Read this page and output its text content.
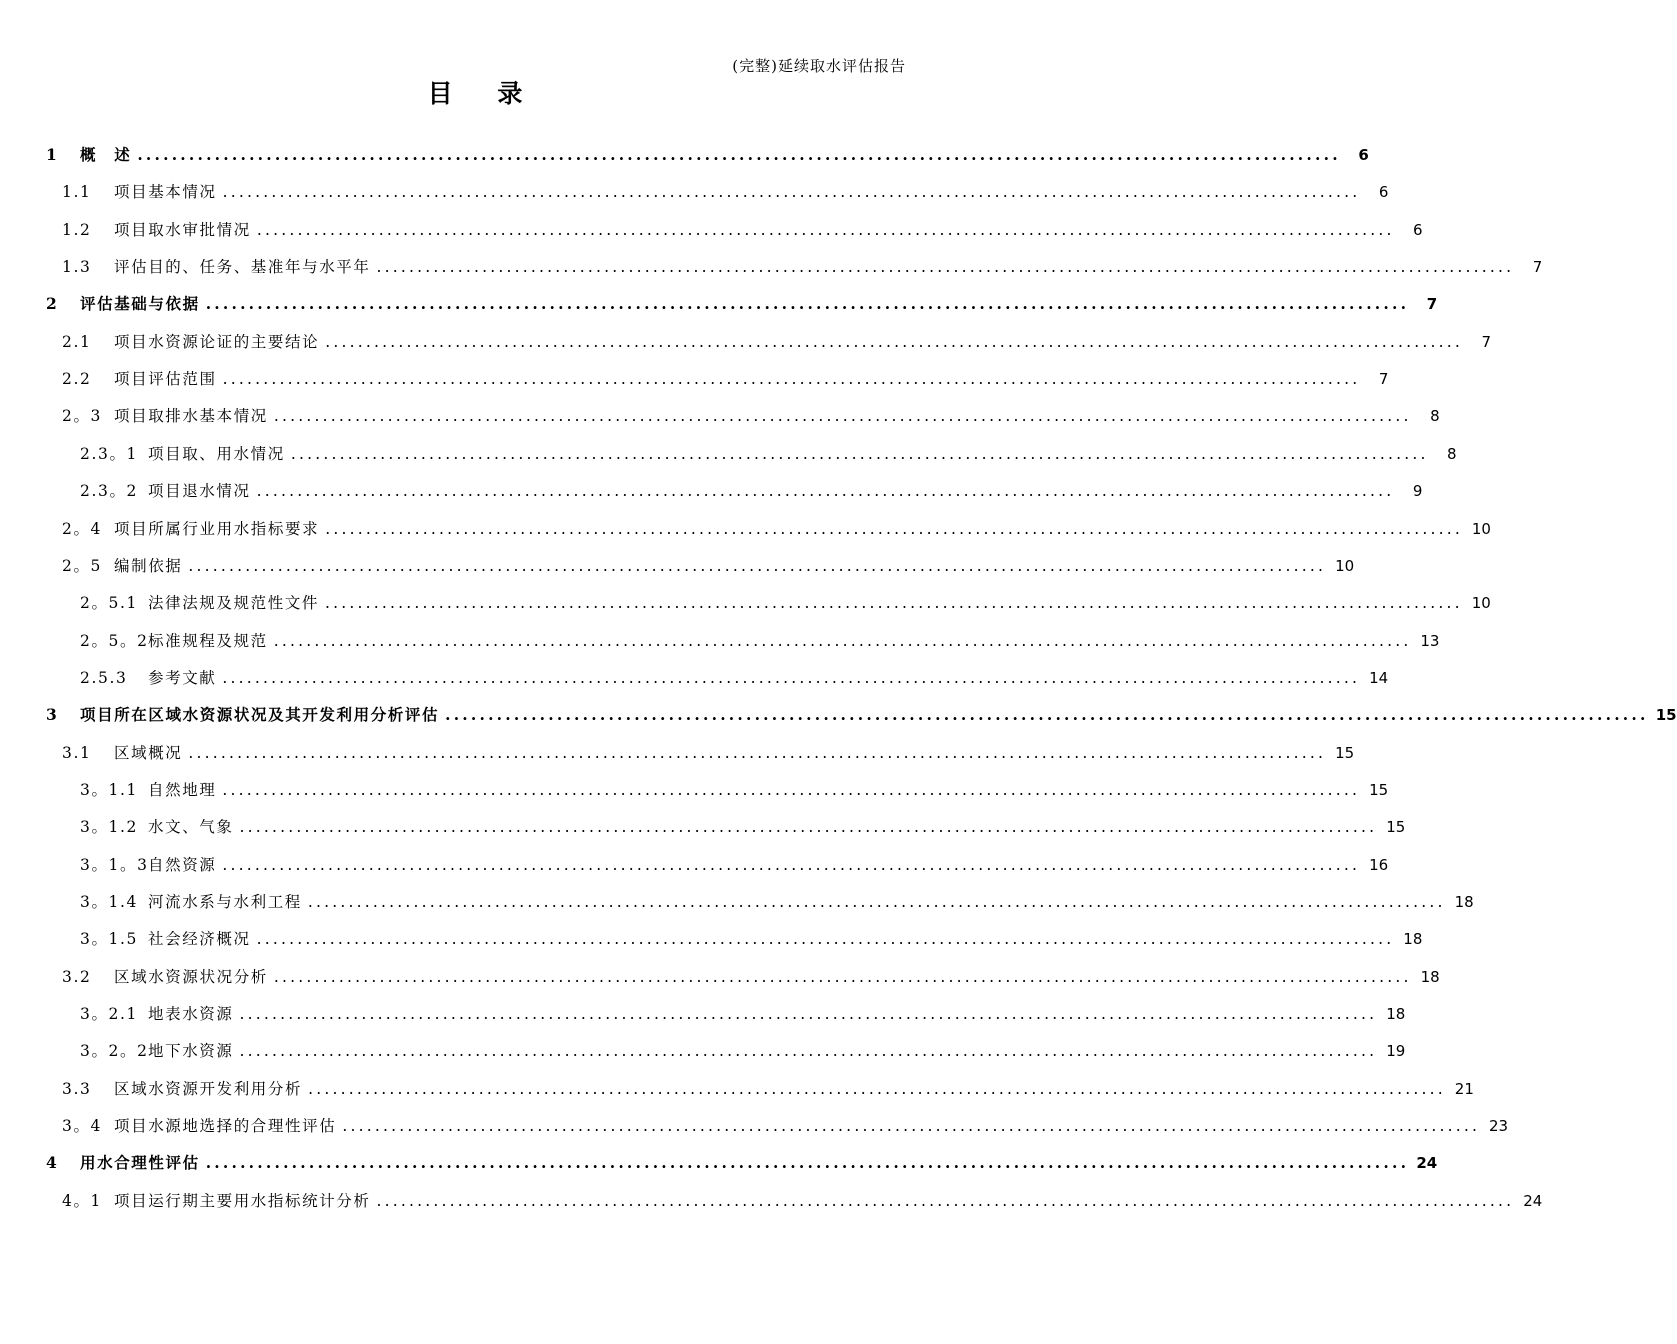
(完整)延续取水评估报告
目 录
1	概　述 ............................................................................................................................................	6
1.1	项目基本情况 ............................................................................................................................................	6
1.2	项目取水审批情况 ............................................................................................................................................	6
1.3	评估目的、任务、基准年与水平年 ............................................................................................................................................	7
2	评估基础与依据 ............................................................................................................................................	7
2.1	项目水资源论证的主要结论 ............................................................................................................................................	7
2.2	项目评估范围 ............................................................................................................................................	7
2。3 项目取排水基本情况 ............................................................................................................................................	8
2.3。1 项目取、用水情况 ............................................................................................................................................	8
2.3。2 项目退水情况 ............................................................................................................................................	9
2。4 项目所属行业用水指标要求 ............................................................................................................................................ 10
2。5 编制依据 ............................................................................................................................................ 10
2。5.1 法律法规及规范性文件 ............................................................................................................................................ 10
2。5。2 标准规程及规范 ............................................................................................................................................ 13
2.5.3	参考文献 ............................................................................................................................................ 14
3	项目所在区域水资源状况及其开发利用分析评估 ............................................................................................................................................ 15
3.1	区域概况 ............................................................................................................................................ 15
3。1.1 自然地理 ............................................................................................................................................ 15
3。1.2 水文、气象 ............................................................................................................................................ 15
3。1。3 自然资源 ............................................................................................................................................ 16
3。1.4 河流水系与水利工程 ............................................................................................................................................ 18
3。1.5 社会经济概况 ............................................................................................................................................ 18
3.2	区域水资源状况分析 ............................................................................................................................................ 18
3。2.1 地表水资源 ............................................................................................................................................ 18
3。2。2 地下水资源 ............................................................................................................................................ 19
3.3	区域水资源开发利用分析 ............................................................................................................................................ 21
3。4 项目水源地选择的合理性评估 ............................................................................................................................................ 23
4	用水合理性评估 ............................................................................................................................................ 24
4。1 项目运行期主要用水指标统计分析 ............................................................................................................................................ 24
